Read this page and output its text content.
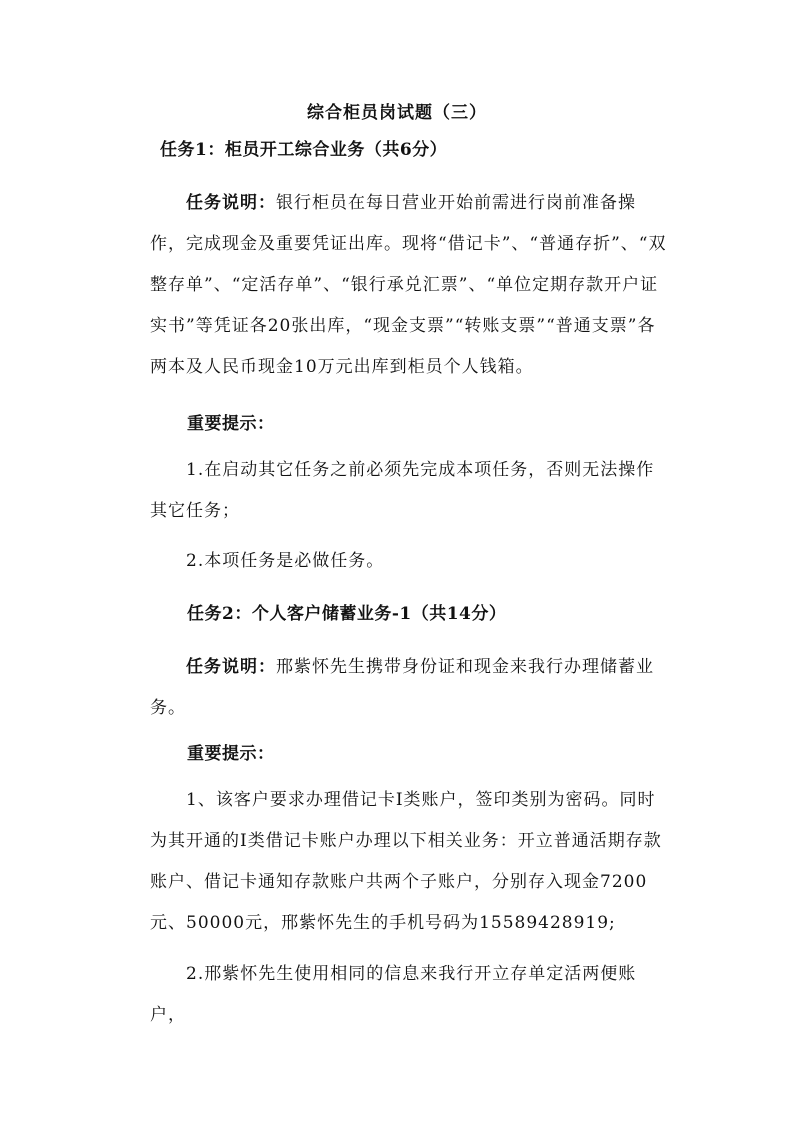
综合柜员岗试题（三）
任务1：柜员开工综合业务（共6分）
任务说明：银行柜员在每日营业开始前需进行岗前准备操作，完成现金及重要凭证出库。现将“借记卡”、“普通存折”、“双整存单”、“定活存单”、“银行承兑汇票”、“单位定期存款开户证实书”等凭证各20张出库，“现金支票”“转账支票”“普通支票”各两本及人民币现金10万元出库到柜员个人钱箱。
重要提示：
1.在启动其它任务之前必须先完成本项任务，否则无法操作其它任务；
2.本项任务是必做任务。
任务2：个人客户储蓄业务-1（共14分）
任务说明：邢紫怀先生携带身份证和现金来我行办理储蓄业务。
重要提示：
1、该客户要求办理借记卡Ⅰ类账户，签印类别为密码。同时为其开通的Ⅰ类借记卡账户办理以下相关业务：开立普通活期存款账户、借记卡通知存款账户共两个子账户，分别存入现金7200元、50000元，邢紫怀先生的手机号码为15589428919;
2.邢紫怀先生使用相同的信息来我行开立存单定活两便账户，
